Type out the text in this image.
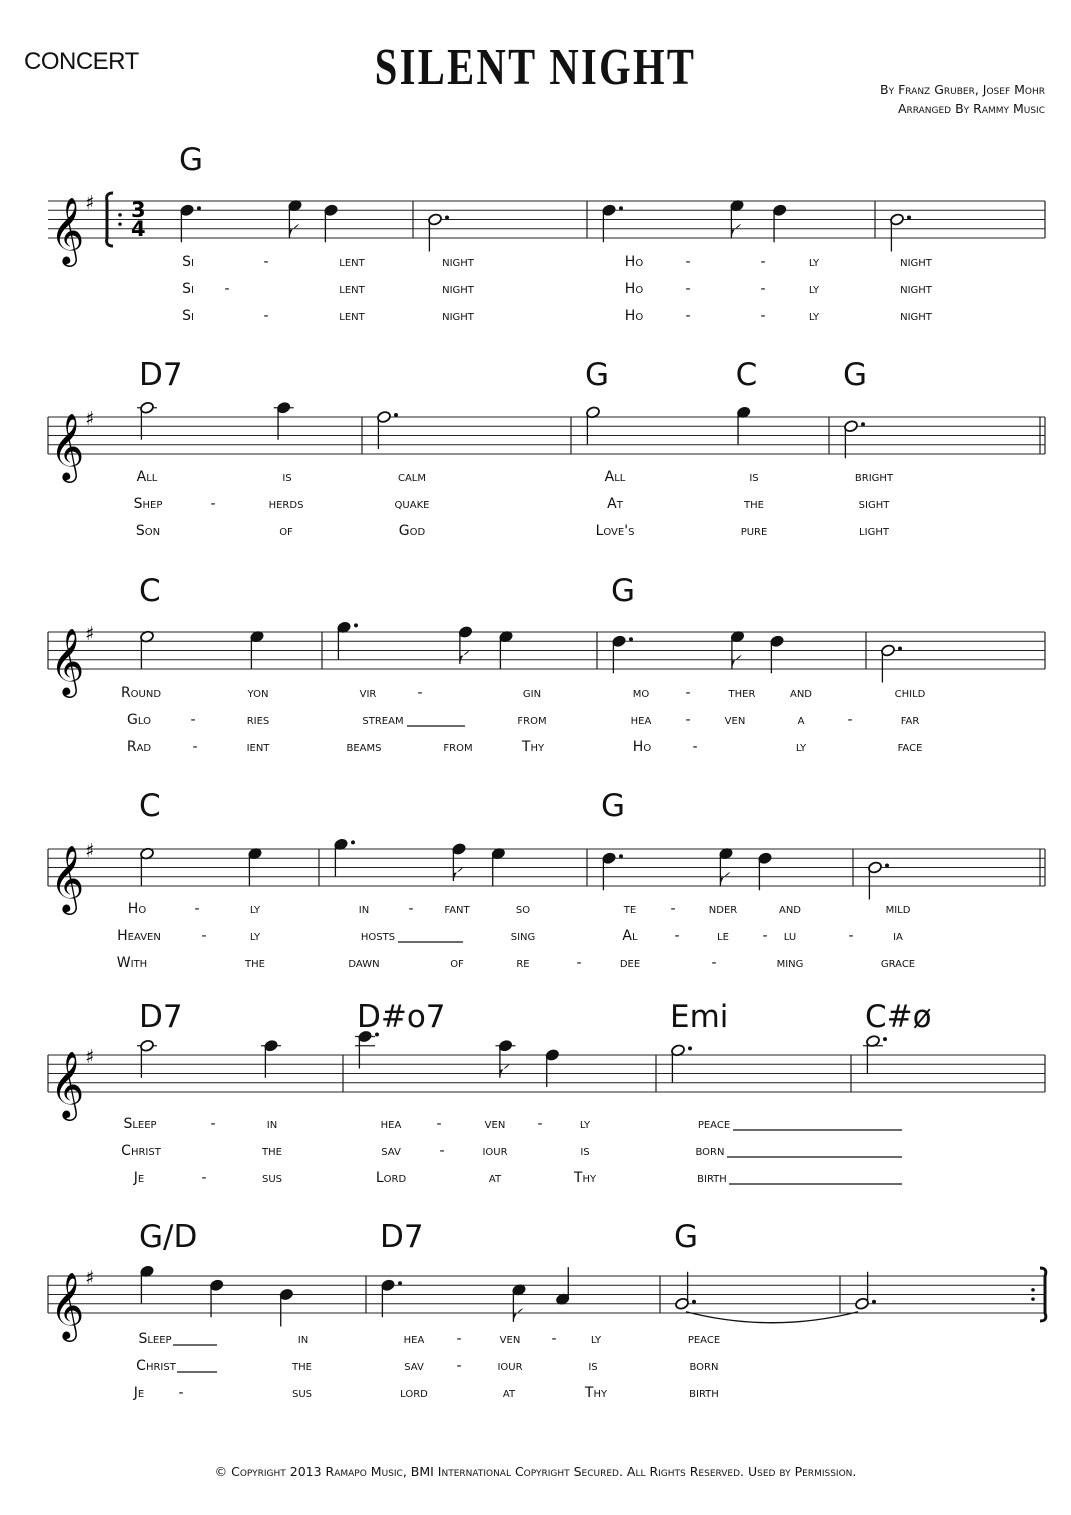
CONCERT	SILENT NIGHT	By Franz Gruber, Josef Mohr
Arranged By Rammy Music
𝄞 ♯ 3
4
G
Si	-	lent	night	Ho	-	-	ly	night
Si -	lent	night	Ho	-	-	ly	night
Si	-	lent	night	Ho	-	-	ly	night
𝄞 ♯
D7	G	C	G
All	is	calm	All	is	bright
Shep	-	herds	quake	At	the	sight
Son	of	God	Love's	pure	light
𝄞 ♯
C	G
Round	yon	vir	-	gin	mo	-	ther and	child
Glo	-	ries	stream	from	hea - ven	a	-	far
Rad	-	ient	beams	from	Thy	Ho	-	ly	face
𝄞 ♯
C	G
Ho	-	ly	in	- fant	so	te - nder	and	mild
Heaven	-	ly	hosts	sing	Al	-	le - lu	-	ia
With	the	dawn	of	re	-	dee	-	ming	grace
𝄞 ♯
D7	D#o7	Emi	C#ø
Sleep	-	in	hea	-	ven -	ly	peace
Christ	the	sav	-	iour	is	born
Je	-	sus	Lord	at	Thy	birth
𝄞 ♯
G/D	D7	G
Sleep	in	hea -	ven - ly	peace
Christ	the	sav -	iour	is	born
Je -	sus	lord	at	Thy	birth
© Copyright 2013 Ramapo Music, BMI International Copyright Secured. All Rights Reserved. Used by Permission.
